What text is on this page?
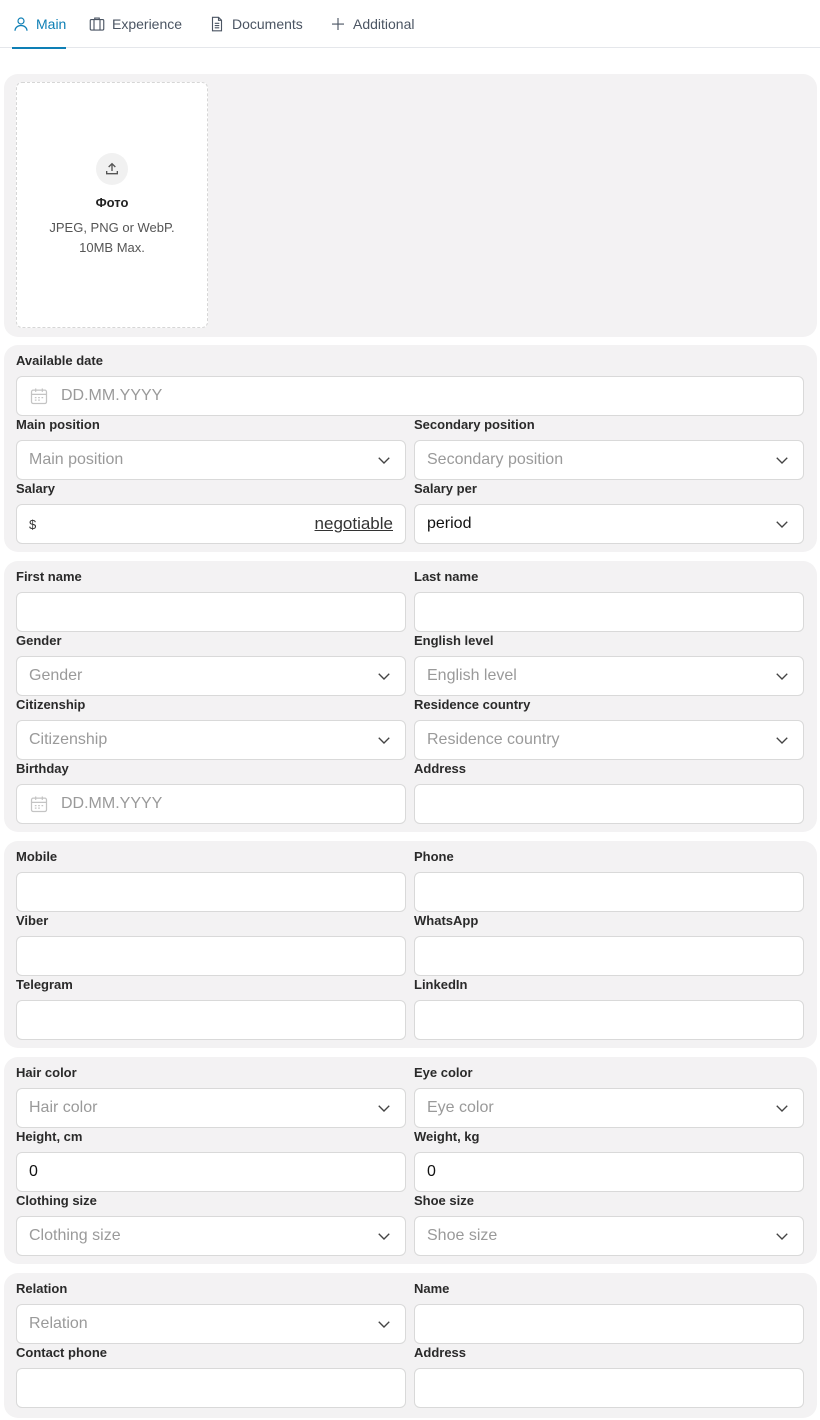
Main	Experience	Documents	Additional
Фото
JPEG, PNG or WebP. 10MB Max.
Available date
DD.MM.YYYY
Main position
Main position
Secondary position
Secondary position
Salary
$	negotiable
Salary per
period
First name	Last name
Gender
Gender
English level
English level
Citizenship
Citizenship
Residence country
Residence country
Birthday
DD.MM.YYYY
Address
Mobile	Phone
Viber	WhatsApp
Telegram	LinkedIn
Hair color
Hair color
Eye color
Eye color
Height, cm
0
Weight, kg
0
Clothing size
Clothing size
Shoe size
Shoe size
Relation
Relation
Name
Contact phone	Address
